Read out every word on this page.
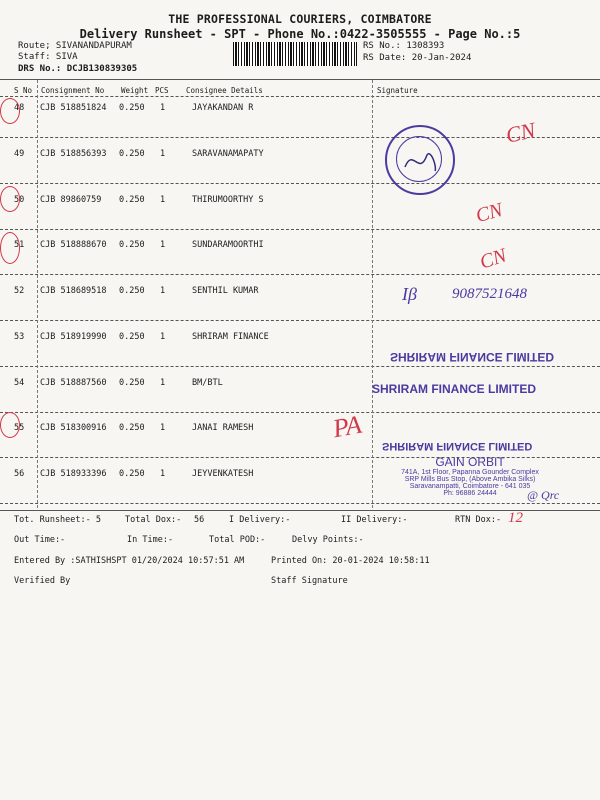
THE PROFESSIONAL COURIERS, COIMBATORE
Delivery Runsheet - SPT - Phone No.:0422-3505555 - Page No.:5
Route; SIVANANDAPURAM
Staff: SIVA
DRS No.: DCJB130839305
RS No.: 1308393
RS Date: 20-Jan-2024
S No Consignment No Weight PCS Consignee Details	Signature
48 CJB 518851824 0.250 1	JAYAKANDAN R
49 CJB 518856393 0.250 1	SARAVANAMAPATY
50 CJB 89860759 0.250 1	THIRUMOORTHY S
51 CJB 518888670 0.250 1	SUNDARAMOORTHI
52 CJB 518689518 0.250 1	SENTHIL KUMAR
53 CJB 518919990 0.250 1	SHRIRAM FINANCE
54 CJB 518887560 0.250 1	BM/BTL
55 CJB 518300916 0.250 1	JANAI RAMESH
56 CJB 518933396 0.250 1	JEYVENKATESH
Tot. Runsheet:- 5	Total Dox:- 56	I Delivery:-	II Delivery:-	RTN Dox:-
Out Time:-	In Time:-	Total POD:-	Delvy Points:-
Entered By :SATHISHSPT 01/20/2024 10:57:51 AM	Printed On: 20-01-2024 10:58:11
Verified By	Staff Signature
CN
CN
CN
PA
12
Ιβ 9087521648
@ Qrc
SHRIRAM FINANCE LIMITED
SHRIRAM FINANCE LIMITED
SHRIRAM FINANCE LIMITED
GAIN ORBIT
741A, 1st Floor, Papanna Gounder Complex
SRP Mills Bus Stop, (Above Ambika Silks)
Saravanampatti, Coimbatore - 641 035
Ph: 96886 24444
